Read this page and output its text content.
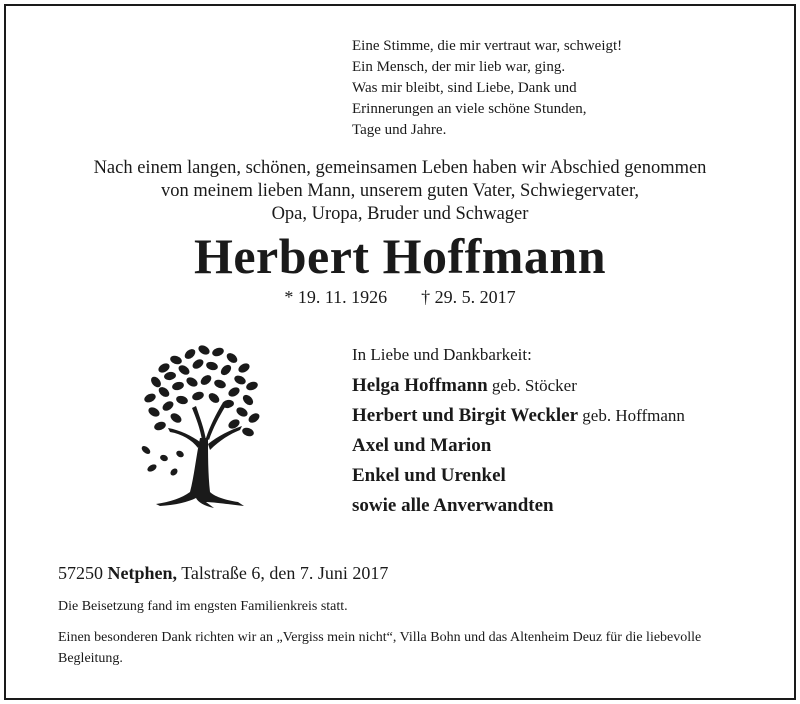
Eine Stimme, die mir vertraut war, schweigt!
Ein Mensch, der mir lieb war, ging.
Was mir bleibt, sind Liebe, Dank und
Erinnerungen an viele schöne Stunden,
Tage und Jahre.
Nach einem langen, schönen, gemeinsamen Leben haben wir Abschied genommen
von meinem lieben Mann, unserem guten Vater, Schwiegervater,
Opa, Uropa, Bruder und Schwager
Herbert Hoffmann
* 19. 11. 1926 † 29. 5. 2017
In Liebe und Dankbarkeit:
Helga Hoffmann geb. Stöcker
Herbert und Birgit Weckler geb. Hoffmann
Axel und Marion
Enkel und Urenkel
sowie alle Anverwandten
57250 Netphen, Talstraße 6, den 7. Juni 2017
Die Beisetzung fand im engsten Familienkreis statt.
Einen besonderen Dank richten wir an „Vergiss mein nicht“, Villa Bohn und das Altenheim Deuz für die liebevolle Begleitung.
